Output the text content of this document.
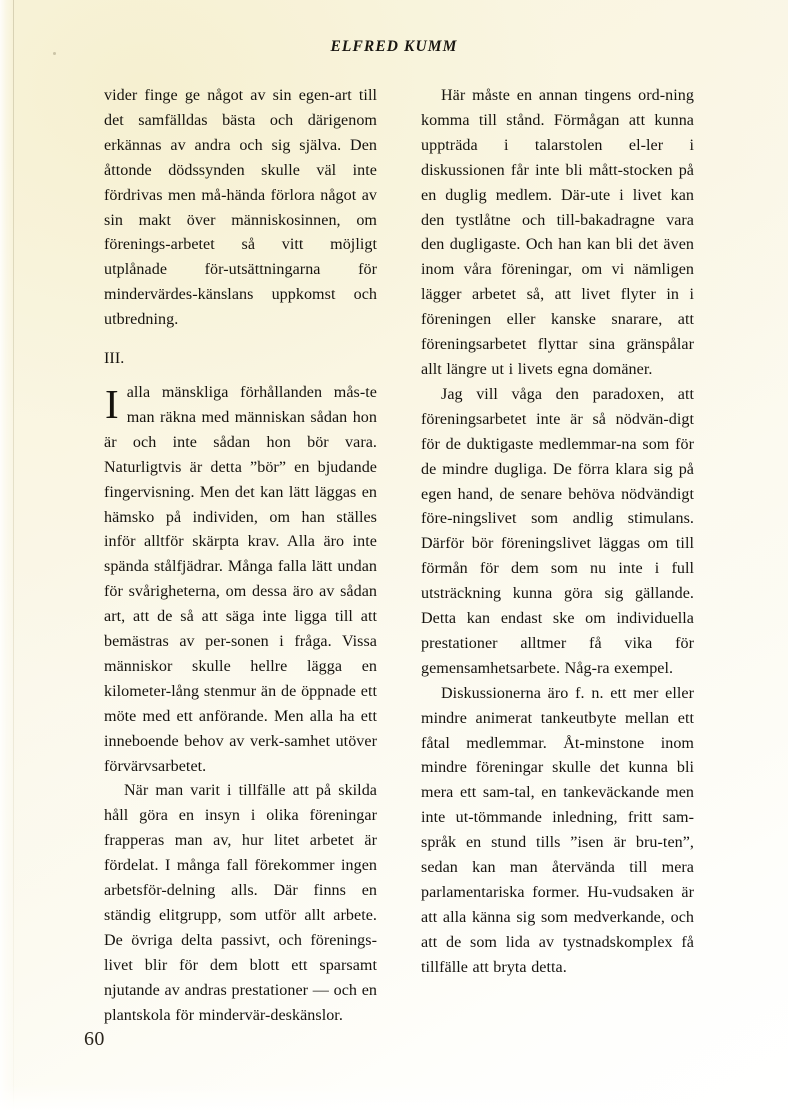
ELFRED KUMM

vider finge ge något av sin egen-art till det samfälldas bästa och därigenom erkännas av andra och sig själva. Den åttonde dödssynden skulle väl inte fördrivas men må-hända förlora något av sin makt över människosinnen, om förenings-arbetet så vitt möjligt utplånade för-utsättningarna för mindervärdes-känslans uppkomst och utbredning.

III.

Ialla mänskliga förhållanden mås-te man räkna med människan sådan hon är och inte sådan hon bör vara. Naturligtvis är detta ”bör” en bjudande fingervisning. Men det kan lätt läggas en hämsko på individen, om han ställes inför alltför skärpta krav. Alla äro inte spända stålfjädrar. Många falla lätt undan för svårigheterna, om dessa äro av sådan art, att de så att säga inte ligga till att bemästras av per-sonen i fråga. Vissa människor skulle hellre lägga en kilometer-lång stenmur än de öppnade ett möte med ett anförande. Men alla ha ett inneboende behov av verk-samhet utöver förvärvsarbetet.

När man varit i tillfälle att på skilda håll göra en insyn i olika föreningar frapperas man av, hur litet arbetet är fördelat. I många fall förekommer ingen arbetsför-delning alls. Där finns en ständig elitgrupp, som utför allt arbete. De övriga delta passivt, och förenings-livet blir för dem blott ett sparsamt njutande av andras prestationer — och en plantskola för mindervär-deskänslor.

Här måste en annan tingens ord-ning komma till stånd. Förmågan att kunna uppträda i talarstolen el-ler i diskussionen får inte bli mått-stocken på en duglig medlem. Där-ute i livet kan den tystlåtne och till-bakadragne vara den dugligaste. Och han kan bli det även inom våra föreningar, om vi nämligen lägger arbetet så, att livet flyter in i föreningen eller kanske snarare, att föreningsarbetet flyttar sina gränspålar allt längre ut i livets egna domäner.

Jag vill våga den paradoxen, att föreningsarbetet inte är så nödvän-digt för de duktigaste medlemmar-na som för de mindre dugliga. De förra klara sig på egen hand, de senare behöva nödvändigt före-ningslivet som andlig stimulans. Därför bör föreningslivet läggas om till förmån för dem som nu inte i full utsträckning kunna göra sig gällande. Detta kan endast ske om individuella prestationer alltmer få vika för gemensamhetsarbete. Någ-ra exempel.

Diskussionerna äro f. n. ett mer eller mindre animerat tankeutbyte mellan ett fåtal medlemmar. Åt-minstone inom mindre föreningar skulle det kunna bli mera ett sam-tal, en tankeväckande men inte ut-tömmande inledning, fritt sam-språk en stund tills ”isen är bru-ten”, sedan kan man återvända till mera parlamentariska former. Hu-vudsaken är att alla känna sig som medverkande, och att de som lida av tystnadskomplex få tillfälle att bryta detta.

60
